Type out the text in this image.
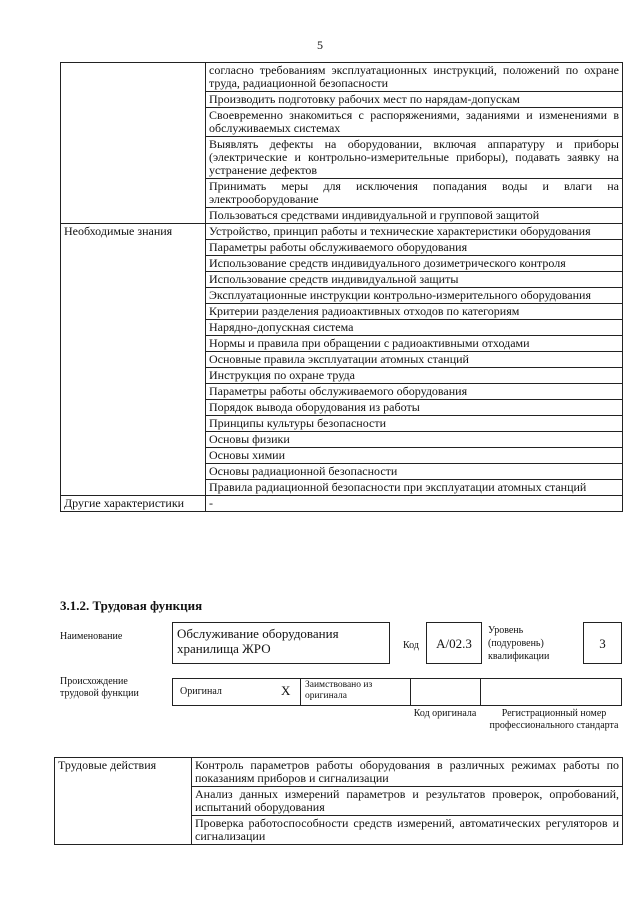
5
	согласно требованиям эксплуатационных инструкций, положений по охране труда, радиационной безопасности
	Производить подготовку рабочих мест по нарядам-допускам
	Своевременно знакомиться с распоряжениями, заданиями и изменениями в обслуживаемых системах
	Выявлять дефекты на оборудовании, включая аппаратуру и приборы (электрические и контрольно-измерительные приборы), подавать заявку на устранение дефектов
	Принимать меры для исключения попадания воды и влаги на электрооборудование
	Пользоваться средствами индивидуальной и групповой защитой
Необходимые знания	Устройство, принцип работы и технические характеристики оборудования
	Параметры работы обслуживаемого оборудования
	Использование средств индивидуального дозиметрического контроля
	Использование средств индивидуальной защиты
	Эксплуатационные инструкции контрольно-измерительного оборудования
	Критерии разделения радиоактивных отходов по категориям
	Нарядно-допускная система
	Нормы и правила при обращении с радиоактивными отходами
	Основные правила эксплуатации атомных станций
	Инструкция по охране труда
	Параметры работы обслуживаемого оборудования
	Порядок вывода оборудования из работы
	Принципы культуры безопасности
	Основы физики
	Основы химии
	Основы радиационной безопасности
	Правила радиационной безопасности при эксплуатации атомных станций
Другие характеристики	-
3.1.2. Трудовая функция
Наименование	Обслуживание оборудования хранилища ЖРО	Код	A/02.3
Уровень (подуровень) квалификации
3
Происхождение трудовой функции	Оригинал	X Заимствовано из оригинала
Код оригинала	Регистрационный номер профессионального стандарта
Трудовые действия	Контроль параметров работы оборудования в различных режимах работы по показаниям приборов и сигнализации
Анализ данных измерений параметров и результатов проверок, опробований, испытаний оборудования
Проверка работоспособности средств измерений, автоматических регуляторов и сигнализации
